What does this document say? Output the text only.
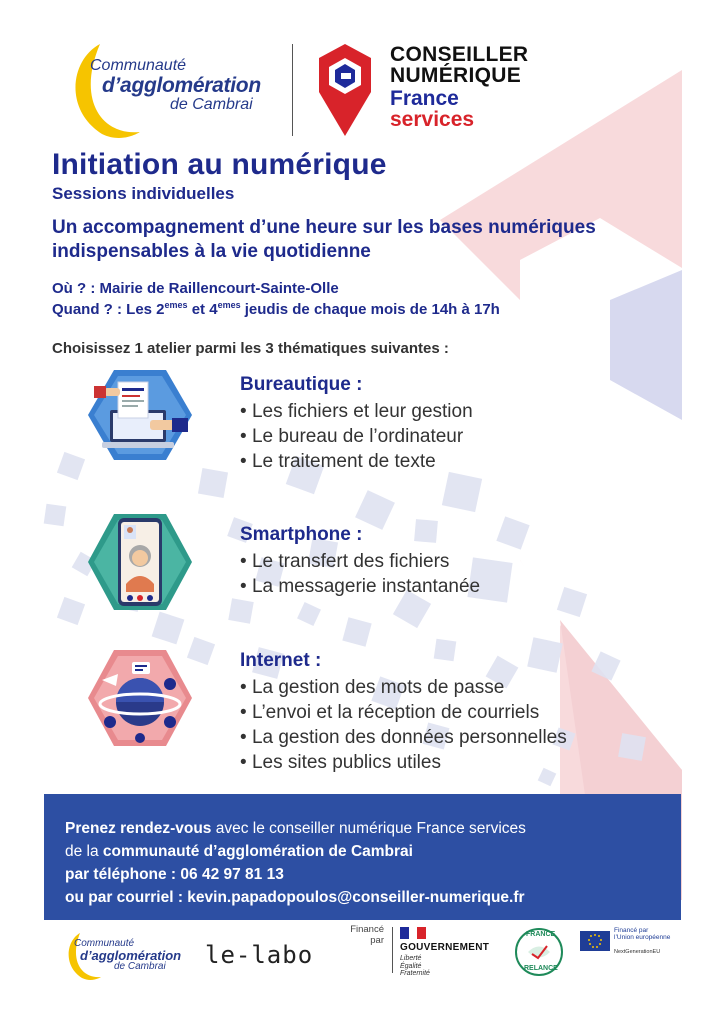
Communauté
d’agglomération
de Cambrai
CONSEILLER
NUMÉRIQUE
France
services
Initiation au numérique
Sessions individuelles
Un accompagnement d’une heure sur les bases numériques
indispensables à la vie quotidienne
Où ? : Mairie de Raillencourt-Sainte-Olle
Quand ? : Les 2emes et 4emes jeudis de chaque mois de 14h à 17h
Choisissez 1 atelier parmi les 3 thématiques suivantes :
Bureautique :
• Les fichiers et leur gestion
• Le bureau de l’ordinateur
• Le traitement de texte
Smartphone :
• Le transfert des fichiers
• La messagerie instantanée
Internet :
• La gestion des mots de passe
• L’envoi et la réception de courriels
• La gestion des données personnelles
• Les sites publics utiles

Prenez rendez-vous avec le conseiller numérique France services

de la communauté d’agglomération de Cambrai

par téléphone : 06 42 97 81 13

ou par courriel : kevin.papadopoulos@conseiller-numerique.fr

Communauté
d’agglomération
de Cambrai	le-labo
Financé
par
GOUVERNEMENT
Liberté
Égalité
Fraternité
FRANCE
RELANCE
Financé par
l’Union européenne
NextGenerationEU
